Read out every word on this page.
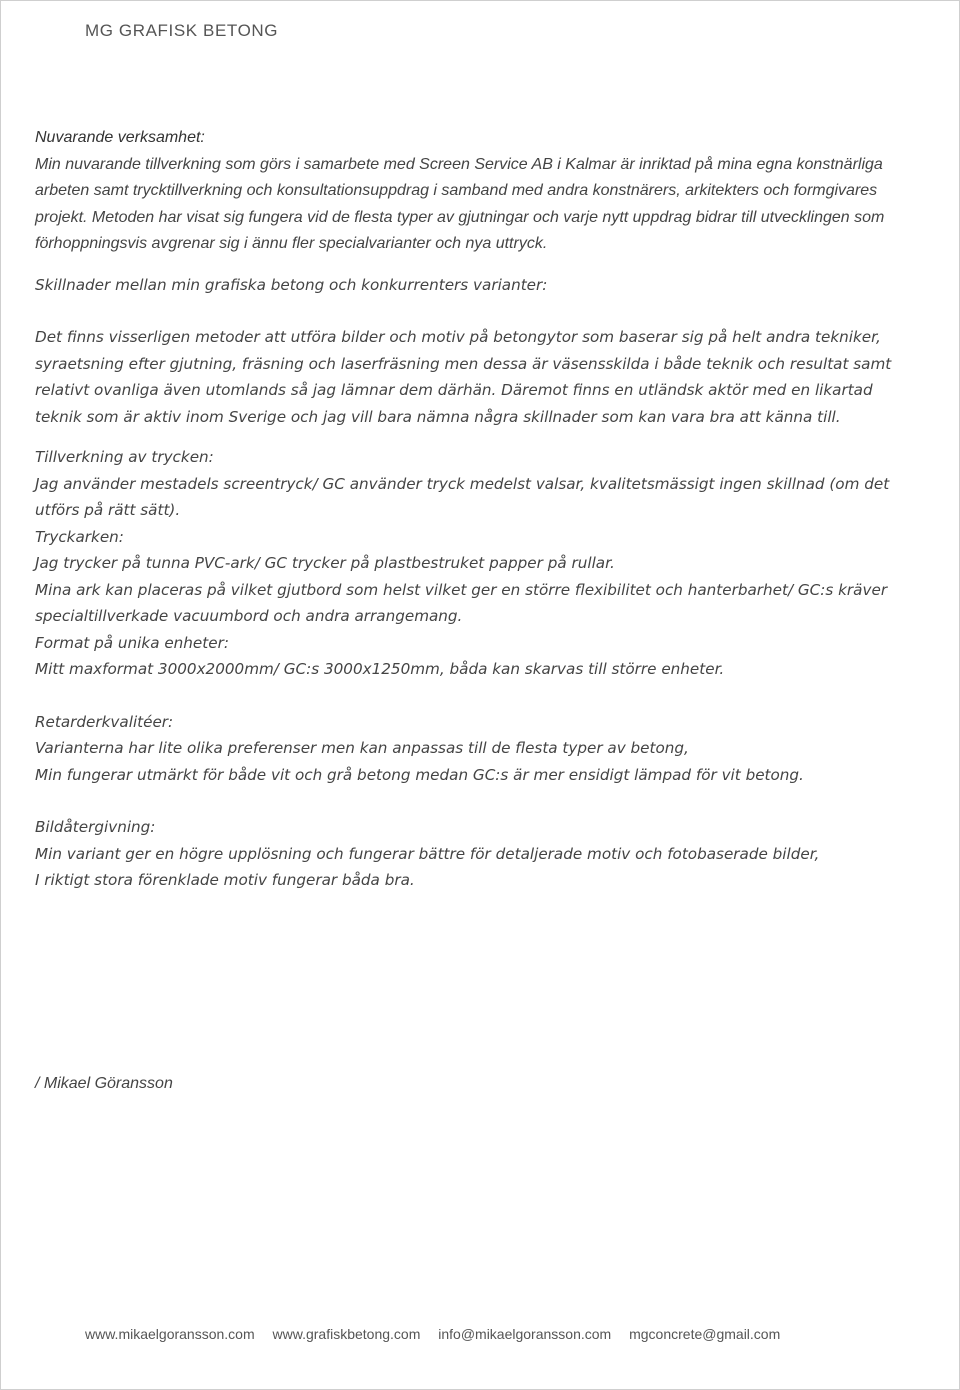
MG GRAFISK BETONG

Nuvarande verksamhet:

Min nuvarande tillverkning som görs i samarbete med Screen Service AB i Kalmar är inriktad på mina egna konstnärliga arbeten samt trycktillverkning och konsultationsuppdrag i samband med andra konstnärers, arkitekters och formgivares projekt. Metoden har visat sig fungera vid de flesta typer av gjutningar och varje nytt uppdrag bidrar till utvecklingen som förhoppningsvis avgrenar sig i ännu fler specialvarianter och nya uttryck.

Skillnader mellan min grafiska betong och konkurrenters varianter:

Det finns visserligen metoder att utföra bilder och motiv på betongytor som baserar sig på helt andra tekniker, syraetsning efter gjutning, fräsning och laserfräsning men dessa är väsensskilda i både teknik och resultat samt relativt ovanliga även utomlands så jag lämnar dem därhän. Däremot finns en utländsk aktör med en likartad teknik som är aktiv inom Sverige och jag vill bara nämna några skillnader som kan vara bra att känna till.

Tillverkning av trycken:

Jag använder mestadels screentryck/ GC använder tryck medelst valsar, kvalitetsmässigt ingen skillnad (om det utförs på rätt sätt).

Tryckarken:

Jag trycker på tunna PVC-ark/ GC trycker på plastbestruket papper på rullar.

Mina ark kan placeras på vilket gjutbord som helst vilket ger en större flexibilitet och hanterbarhet/ GC:s kräver specialtillverkade vacuumbord och andra arrangemang.

Format på unika enheter:

Mitt maxformat 3000x2000mm/ GC:s 3000x1250mm, båda kan skarvas till större enheter.

Retarderkvalitéer:

Varianterna har lite olika preferenser men kan anpassas till de flesta typer av betong,

Min fungerar utmärkt för både vit och grå betong medan GC:s är mer ensidigt lämpad för vit betong.

Bildåtergivning:

Min variant ger en högre upplösning och fungerar bättre för detaljerade motiv och fotobaserade bilder,

I riktigt stora förenklade motiv fungerar båda bra.

/ Mikael Göransson
www.mikaelgoransson.com www.grafiskbetong.com info@mikaelgoransson.com mgconcrete@gmail.com
